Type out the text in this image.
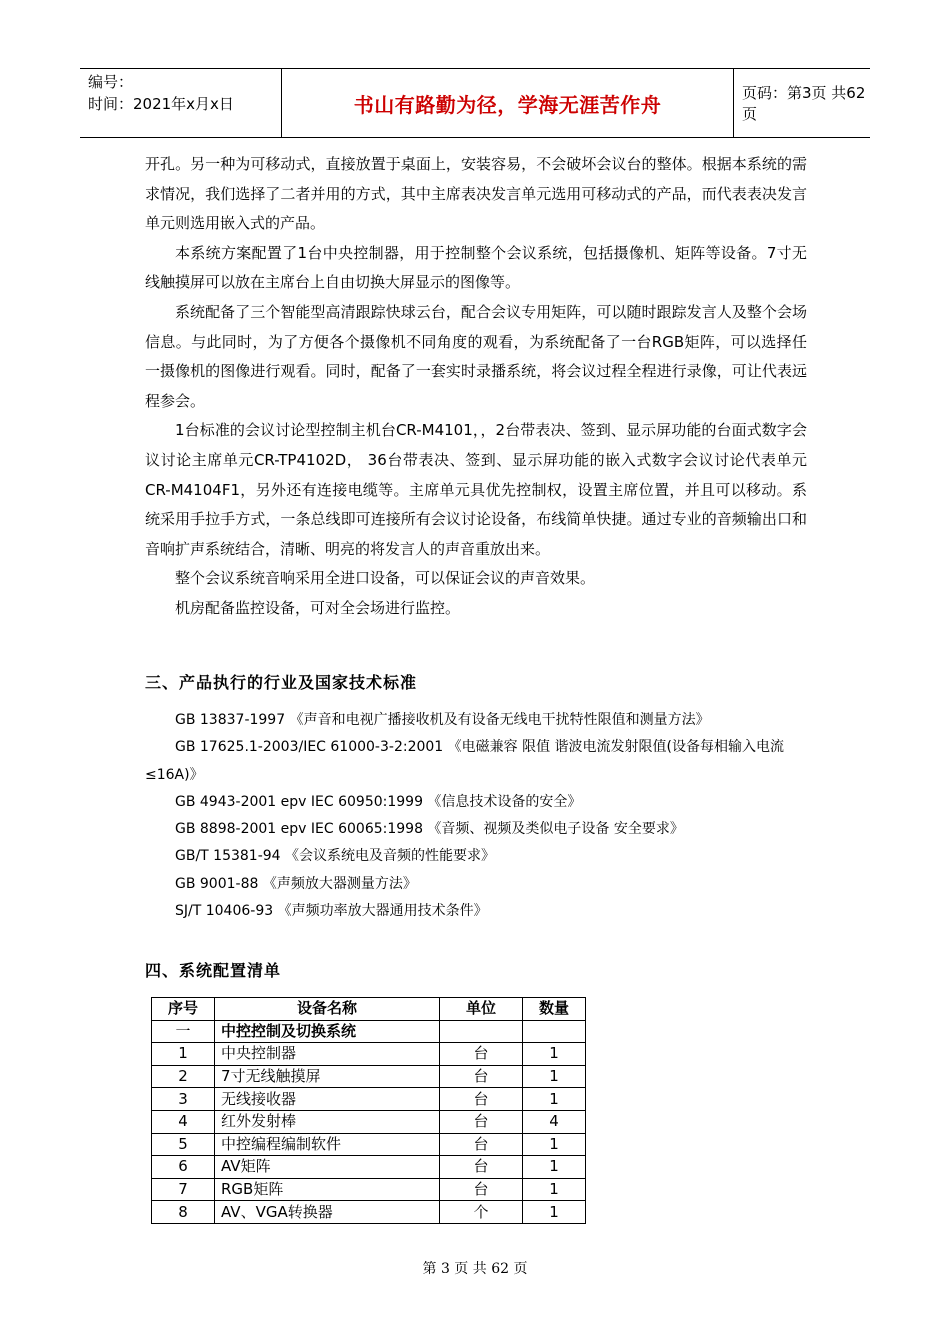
编号：
时间：2021年x月x日	书山有路勤为径，学海无涯苦作舟	页码：第3页 共62页

开孔。另一种为可移动式，直接放置于桌面上，安装容易，不会破坏会议台的整体。根据本系统的需求情况，我们选择了二者并用的方式，其中主席表决发言单元选用可移动式的产品，而代表表决发言单元则选用嵌入式的产品。

本系统方案配置了1台中央控制器，用于控制整个会议系统，包括摄像机、矩阵等设备。7寸无线触摸屏可以放在主席台上自由切换大屏显示的图像等。

系统配备了三个智能型高清跟踪快球云台，配合会议专用矩阵，可以随时跟踪发言人及整个会场信息。与此同时，为了方便各个摄像机不同角度的观看，为系统配备了一台RGB矩阵，可以选择任一摄像机的图像进行观看。同时，配备了一套实时录播系统，将会议过程全程进行录像，可让代表远程参会。

1台标准的会议讨论型控制主机台CR-M4101，，2台带表决、签到、显示屏功能的台面式数字会议讨论主席单元CR-TP4102D， 36台带表决、签到、显示屏功能的嵌入式数字会议讨论代表单元CR-M4104F1，另外还有连接电缆等。主席单元具优先控制权，设置主席位置，并且可以移动。系统采用手拉手方式，一条总线即可连接所有会议讨论设备，布线简单快捷。通过专业的音频输出口和音响扩声系统结合，清晰、明亮的将发言人的声音重放出来。

整个会议系统音响采用全进口设备，可以保证会议的声音效果。

机房配备监控设备，可对全会场进行监控。

三、产品执行的行业及国家技术标准

GB 13837-1997 《声音和电视广播接收机及有设备无线电干扰特性限值和测量方法》

GB 17625.1-2003/IEC 61000-3-2:2001 《电磁兼容 限值 谐波电流发射限值(设备每相输入电流≤16A)》

GB 4943-2001 epv IEC 60950:1999 《信息技术设备的安全》

GB 8898-2001 epv IEC 60065:1998 《音频、视频及类似电子设备 安全要求》

GB/T 15381-94 《会议系统电及音频的性能要求》

GB 9001-88 《声频放大器测量方法》

SJ/T 10406-93 《声频功率放大器通用技术条件》

四、系统配置清单
序号	设备名称	单位	数量
一	中控控制及切换系统		
1	中央控制器	台	1
2	7寸无线触摸屏	台	1
3	无线接收器	台	1
4	红外发射棒	台	4
5	中控编程编制软件	台	1
6	AV矩阵	台	1
7	RGB矩阵	台	1
8	AV、VGA转换器	个	1
第 3 页 共 62 页
